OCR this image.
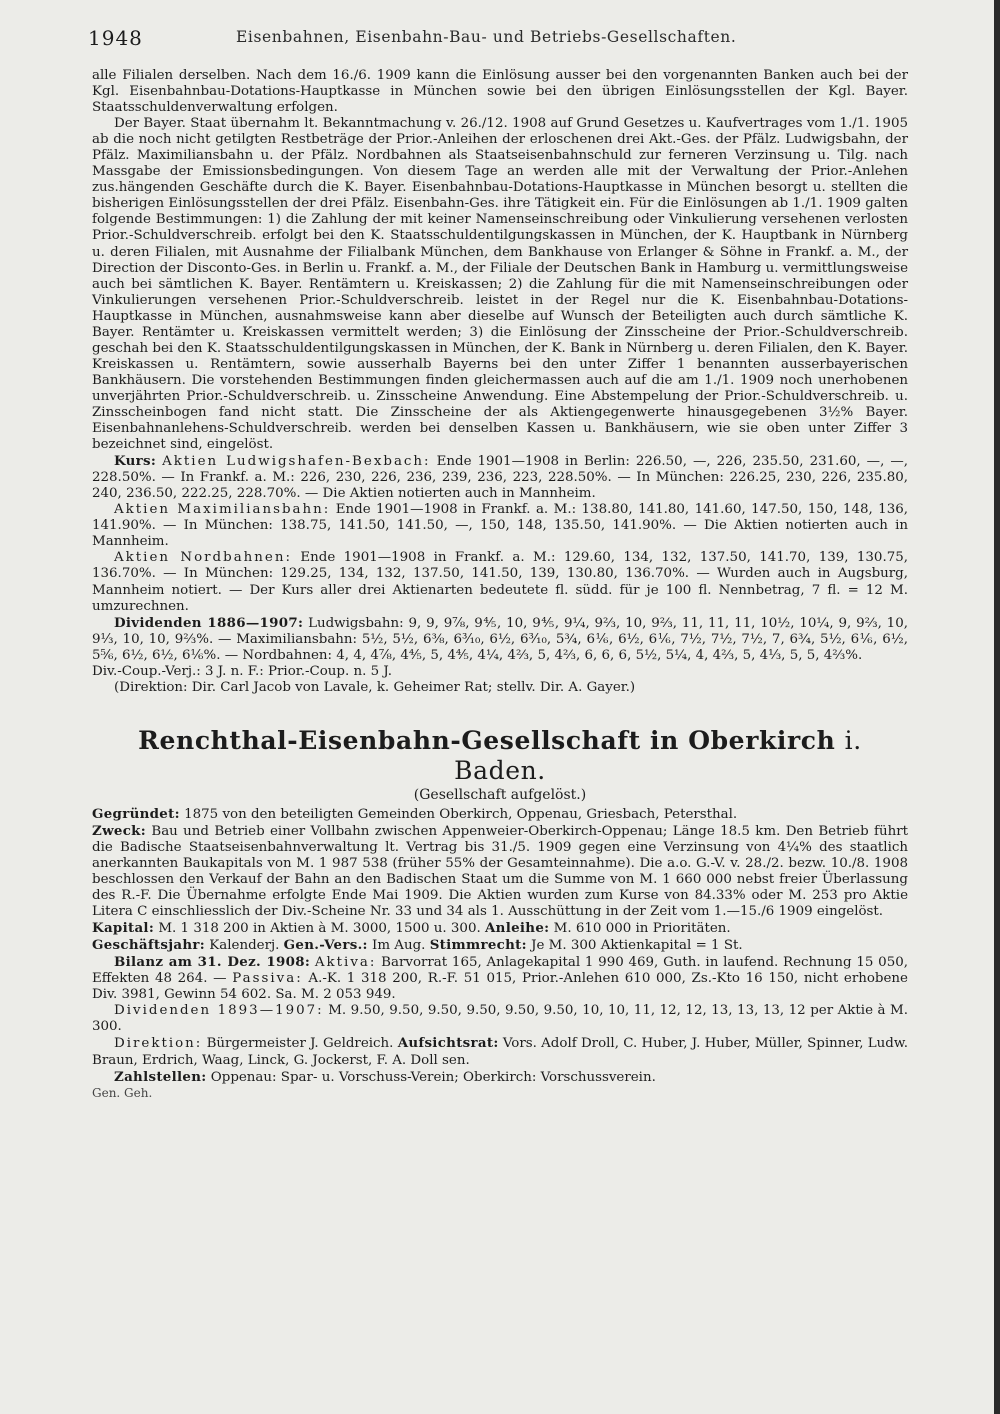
1948	Eisenbahnen, Eisenbahn-Bau- und Betriebs-Gesellschaften.

alle Filialen derselben. Nach dem 16./6. 1909 kann die Einlösung ausser bei den vorgenannten Banken auch bei der Kgl. Eisenbahnbau-Dotations-Hauptkasse in München sowie bei den übrigen Einlösungsstellen der Kgl. Bayer. Staatsschuldenverwaltung erfolgen.

Der Bayer. Staat übernahm lt. Bekanntmachung v. 26./12. 1908 auf Grund Gesetzes u. Kaufvertrages vom 1./1. 1905 ab die noch nicht getilgten Restbeträge der Prior.-Anleihen der erloschenen drei Akt.-Ges. der Pfälz. Ludwigsbahn, der Pfälz. Maximiliansbahn u. der Pfälz. Nordbahnen als Staatseisenbahnschuld zur ferneren Verzinsung u. Tilg. nach Massgabe der Emissionsbedingungen. Von diesem Tage an werden alle mit der Verwaltung der Prior.-Anlehen zus.hängenden Geschäfte durch die K. Bayer. Eisenbahnbau-Dotations-Hauptkasse in München besorgt u. stellten die bisherigen Einlösungsstellen der drei Pfälz. Eisenbahn-Ges. ihre Tätigkeit ein. Für die Einlösungen ab 1./1. 1909 galten folgende Bestimmungen: 1) die Zahlung der mit keiner Namenseinschreibung oder Vinkulierung versehenen verlosten Prior.-Schuldverschreib. erfolgt bei den K. Staatsschuldentilgungskassen in München, der K. Hauptbank in Nürnberg u. deren Filialen, mit Ausnahme der Filialbank München, dem Bankhause von Erlanger & Söhne in Frankf. a. M., der Direction der Disconto-Ges. in Berlin u. Frankf. a. M., der Filiale der Deutschen Bank in Hamburg u. vermittlungsweise auch bei sämtlichen K. Bayer. Rentämtern u. Kreiskassen; 2) die Zahlung für die mit Namenseinschreibungen oder Vinkulierungen versehenen Prior.-Schuldverschreib. leistet in der Regel nur die K. Eisenbahnbau-Dotations-Hauptkasse in München, ausnahmsweise kann aber dieselbe auf Wunsch der Beteiligten auch durch sämtliche K. Bayer. Rentämter u. Kreiskassen vermittelt werden; 3) die Einlösung der Zinsscheine der Prior.-Schuldverschreib. geschah bei den K. Staatsschuldentilgungskassen in München, der K. Bank in Nürnberg u. deren Filialen, den K. Bayer. Kreiskassen u. Rentämtern, sowie ausserhalb Bayerns bei den unter Ziffer 1 benannten ausserbayerischen Bankhäusern. Die vorstehenden Bestimmungen finden gleichermassen auch auf die am 1./1. 1909 noch unerhobenen unverjährten Prior.-Schuldverschreib. u. Zinsscheine Anwendung. Eine Abstempelung der Prior.-Schuldverschreib. u. Zinsscheinbogen fand nicht statt. Die Zinsscheine der als Aktiengegenwerte hinausgegebenen 3½% Bayer. Eisenbahnanlehens-Schuldverschreib. werden bei denselben Kassen u. Bankhäusern, wie sie oben unter Ziffer 3 bezeichnet sind, eingelöst.

Kurs: Aktien Ludwigshafen-Bexbach: Ende 1901—1908 in Berlin: 226.50, —, 226, 235.50, 231.60, —, —, 228.50%. — In Frankf. a. M.: 226, 230, 226, 236, 239, 236, 223, 228.50%. — In München: 226.25, 230, 226, 235.80, 240, 236.50, 222.25, 228.70%. — Die Aktien notierten auch in Mannheim.

Aktien Maximiliansbahn: Ende 1901—1908 in Frankf. a. M.: 138.80, 141.80, 141.60, 147.50, 150, 148, 136, 141.90%. — In München: 138.75, 141.50, 141.50, —, 150, 148, 135.50, 141.90%. — Die Aktien notierten auch in Mannheim.

Aktien Nordbahnen: Ende 1901—1908 in Frankf. a. M.: 129.60, 134, 132, 137.50, 141.70, 139, 130.75, 136.70%. — In München: 129.25, 134, 132, 137.50, 141.50, 139, 130.80, 136.70%. — Wurden auch in Augsburg, Mannheim notiert. — Der Kurs aller drei Aktienarten bedeutete fl. südd. für je 100 fl. Nennbetrag, 7 fl. = 12 M. umzurechnen.

Dividenden 1886—1907: Ludwigsbahn: 9, 9, 9⅞, 9⅘, 10, 9⅘, 9¼, 9⅔, 10, 9⅔, 11, 11, 11, 10½, 10¼, 9, 9⅔, 10, 9⅓, 10, 10, 9⅔%. — Maximiliansbahn: 5½, 5½, 6⅜, 6³⁄₁₀, 6½, 6³⁄₁₀, 5¾, 6⅙, 6½, 6⅙, 7½, 7½, 7½, 7, 6¾, 5½, 6⅙, 6½, 5⅚, 6½, 6½, 6⅙%. — Nordbahnen: 4, 4, 4⅞, 4⅘, 5, 4⅘, 4¼, 4⅔, 5, 4⅔, 6, 6, 6, 5½, 5¼, 4, 4⅔, 5, 4⅓, 5, 5, 4⅔%.

Div.-Coup.-Verj.: 3 J. n. F.: Prior.-Coup. n. 5 J.

(Direktion: Dir. Carl Jacob von Lavale, k. Geheimer Rat; stellv. Dir. A. Gayer.)

Renchthal-Eisenbahn-Gesellschaft in Oberkirch i. Baden.

(Gesellschaft aufgelöst.)

Gegründet: 1875 von den beteiligten Gemeinden Oberkirch, Oppenau, Griesbach, Petersthal.

Zweck: Bau und Betrieb einer Vollbahn zwischen Appenweier-Oberkirch-Oppenau; Länge 18.5 km. Den Betrieb führt die Badische Staatseisenbahnverwaltung lt. Vertrag bis 31./5. 1909 gegen eine Verzinsung von 4¼% des staatlich anerkannten Baukapitals von M. 1 987 538 (früher 55% der Gesamteinnahme). Die a.o. G.-V. v. 28./2. bezw. 10./8. 1908 beschlossen den Verkauf der Bahn an den Badischen Staat um die Summe von M. 1 660 000 nebst freier Überlassung des R.-F. Die Übernahme erfolgte Ende Mai 1909. Die Aktien wurden zum Kurse von 84.33% oder M. 253 pro Aktie Litera C einschliesslich der Div.-Scheine Nr. 33 und 34 als 1. Ausschüttung in der Zeit vom 1.—15./6 1909 eingelöst.

Kapital: M. 1 318 200 in Aktien à M. 3000, 1500 u. 300. Anleihe: M. 610 000 in Prioritäten.

Geschäftsjahr: Kalenderj. Gen.-Vers.: Im Aug. Stimmrecht: Je M. 300 Aktienkapital = 1 St.

Bilanz am 31. Dez. 1908: Aktiva: Barvorrat 165, Anlagekapital 1 990 469, Guth. in laufend. Rechnung 15 050, Effekten 48 264. — Passiva: A.-K. 1 318 200, R.-F. 51 015, Prior.-Anlehen 610 000, Zs.-Kto 16 150, nicht erhobene Div. 3981, Gewinn 54 602. Sa. M. 2 053 949.

Dividenden 1893—1907: M. 9.50, 9.50, 9.50, 9.50, 9.50, 9.50, 10, 10, 11, 12, 12, 13, 13, 13, 12 per Aktie à M. 300.

Direktion: Bürgermeister J. Geldreich. Aufsichtsrat: Vors. Adolf Droll, C. Huber, J. Huber, Müller, Spinner, Ludw. Braun, Erdrich, Waag, Linck, G. Jockerst, F. A. Doll sen.

Zahlstellen: Oppenau: Spar- u. Vorschuss-Verein; Oberkirch: Vorschussverein.

Gen. Geh.
